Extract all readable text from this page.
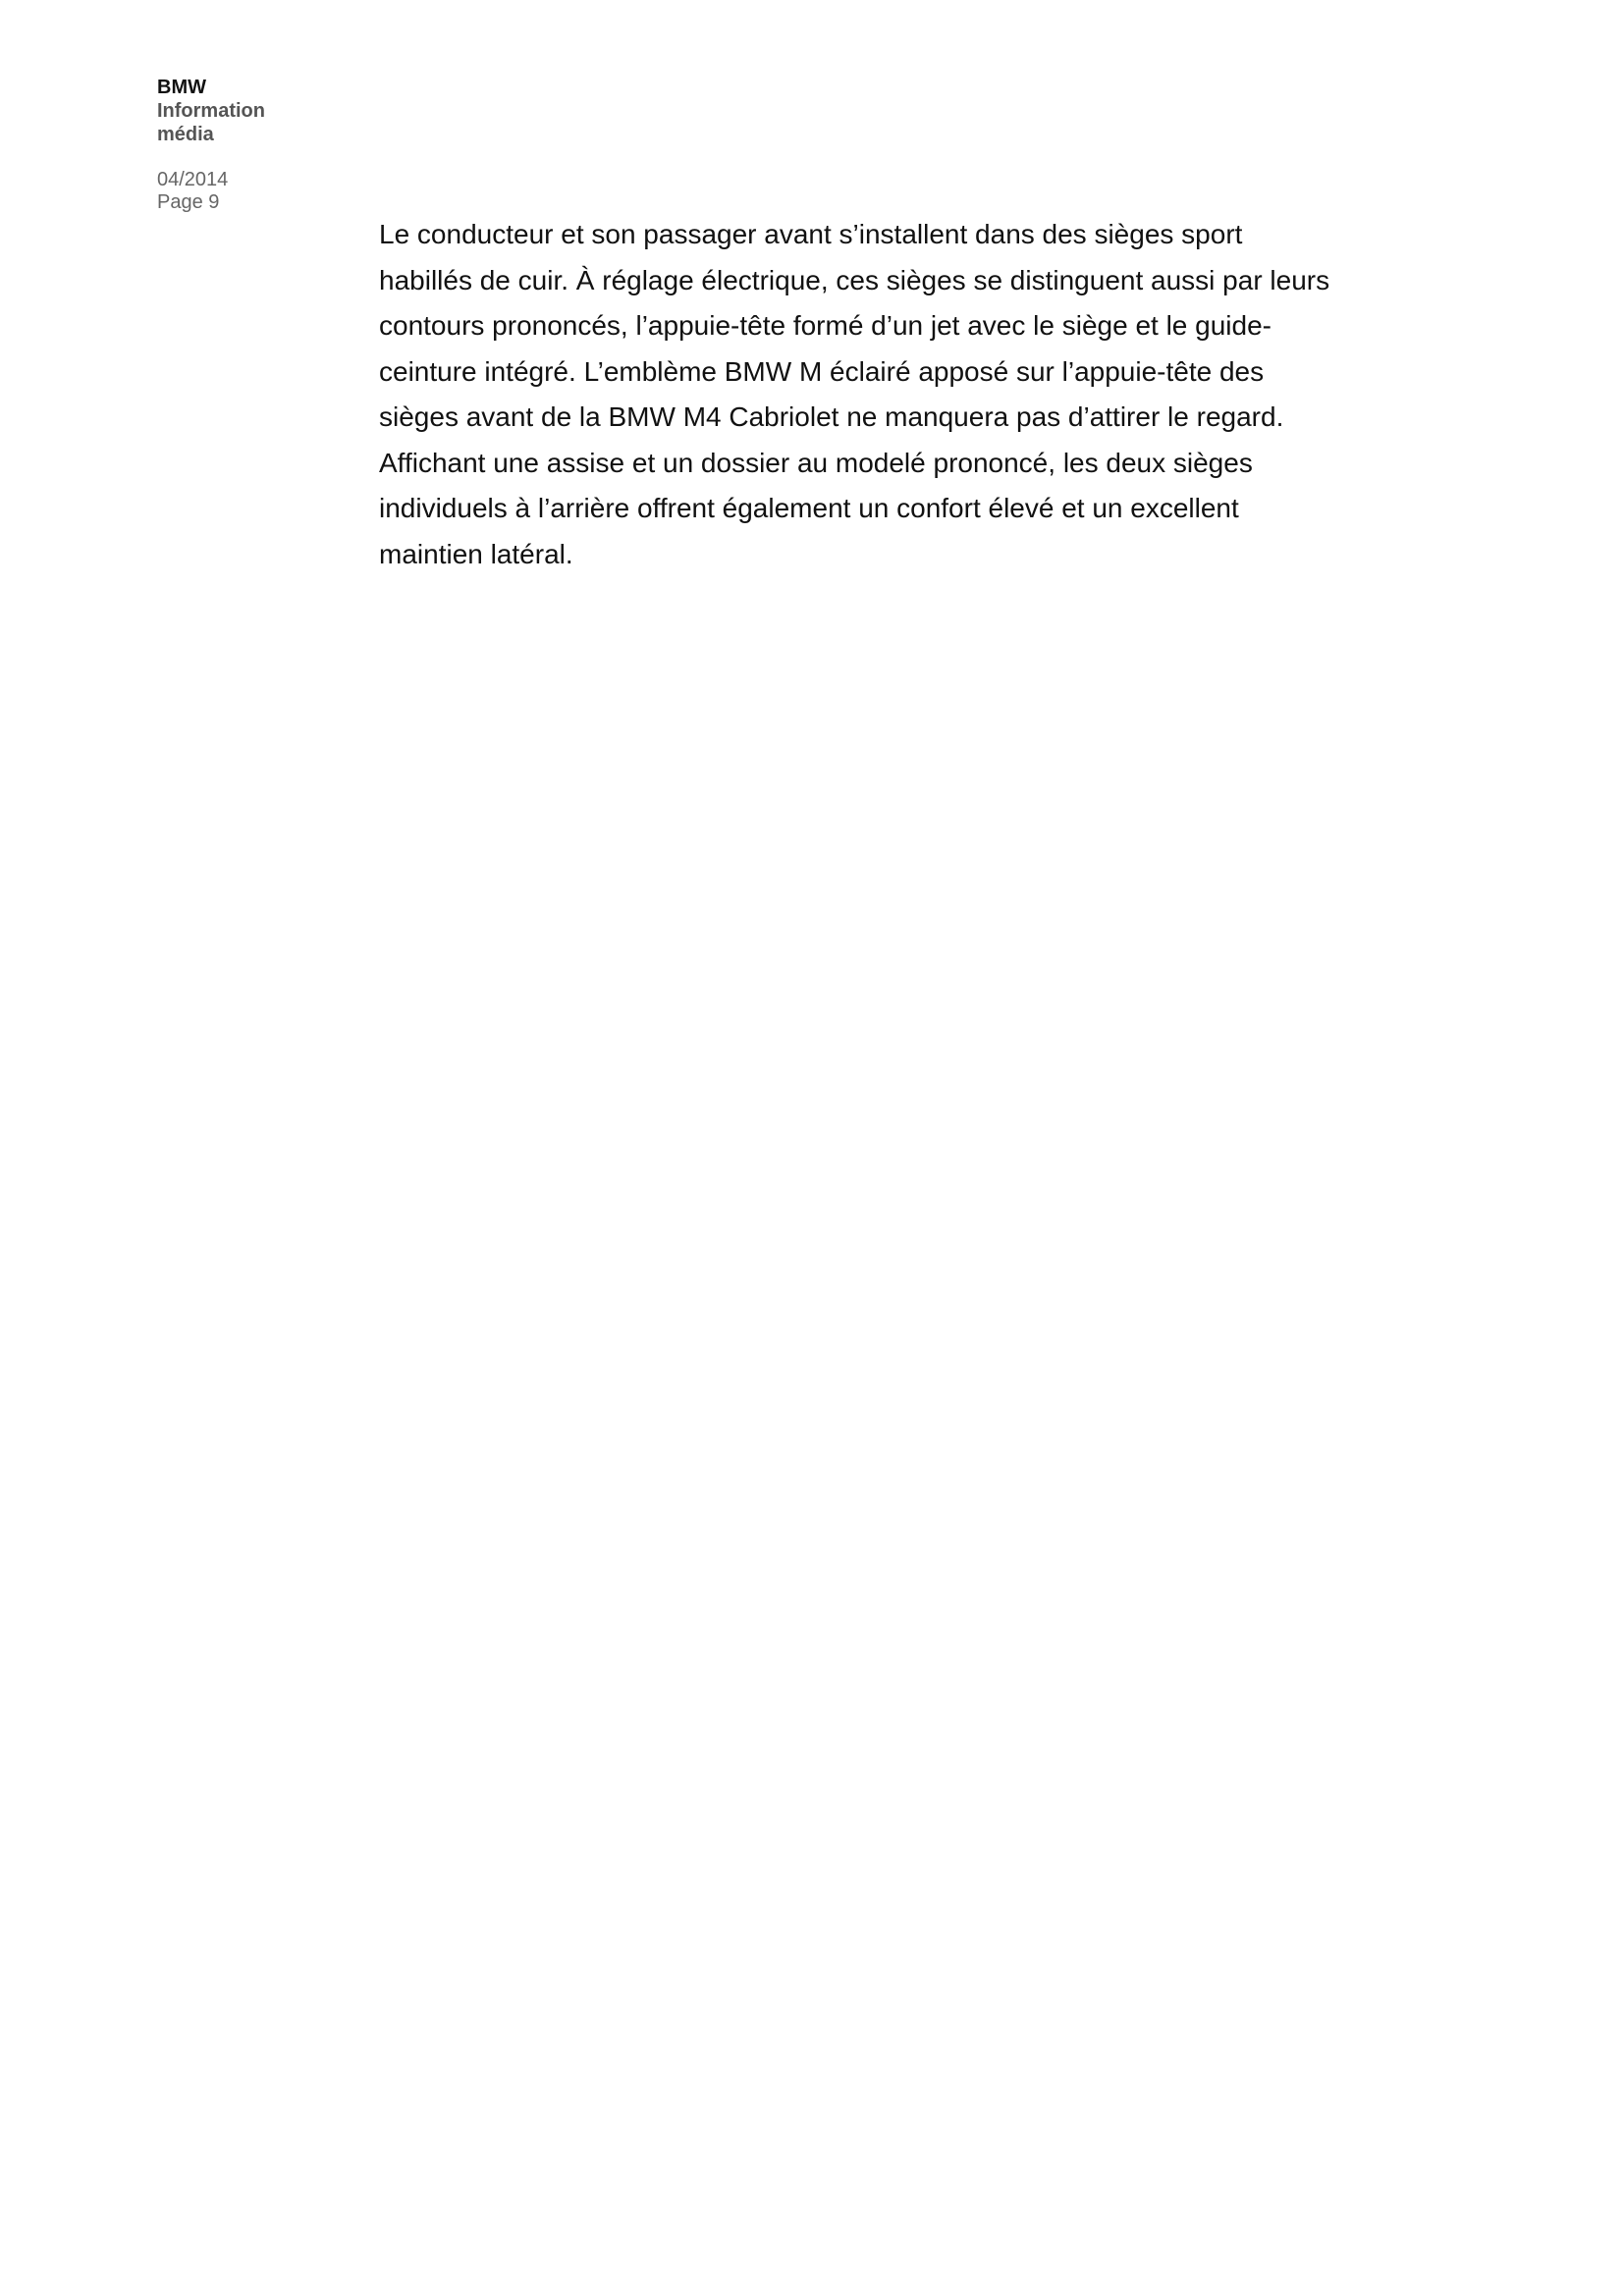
BMW
Information
média
04/2014
Page 9
Le conducteur et son passager avant s’installent dans des sièges sport
habillés de cuir. À réglage électrique, ces sièges se distinguent aussi par leurs
contours prononcés, l’appuie-tête formé d’un jet avec le siège et le guide-
ceinture intégré. L’emblème BMW M éclairé apposé sur l’appuie-tête des
sièges avant de la BMW M4 Cabriolet ne manquera pas d’attirer le regard.
Affichant une assise et un dossier au modelé prononcé, les deux sièges
individuels à l’arrière offrent également un confort élevé et un excellent
maintien latéral.
